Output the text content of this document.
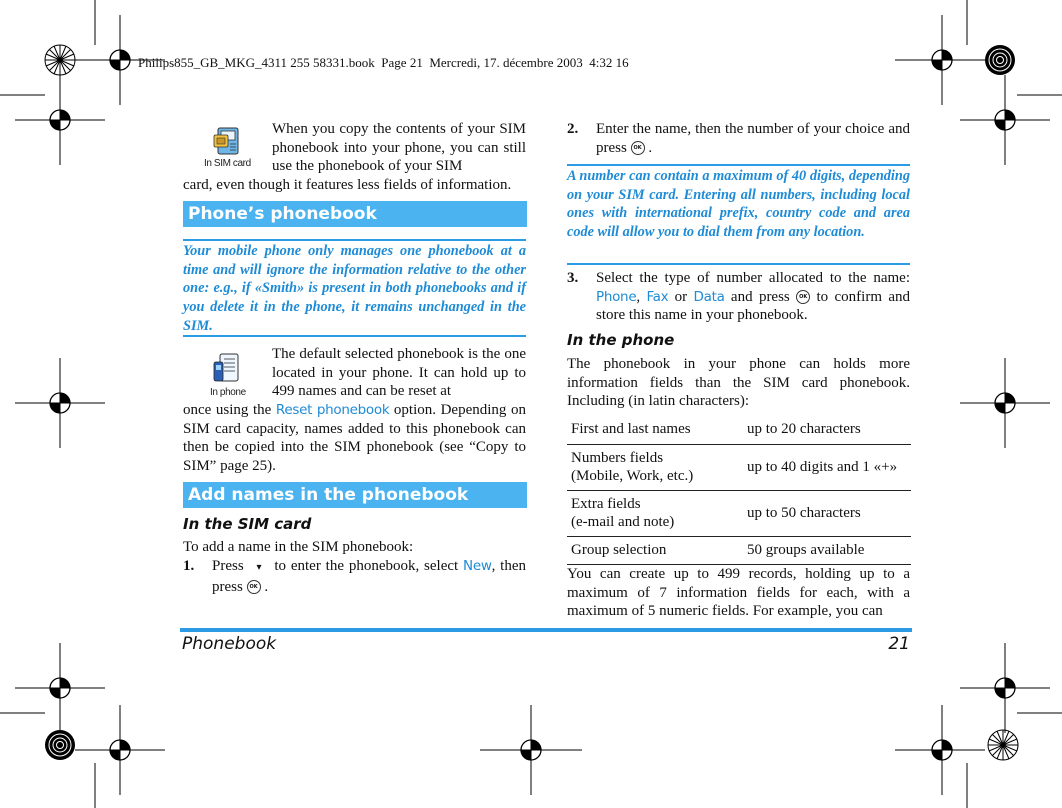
Philips855_GB_MKG_4311 255 58331.book Page 21 Mercredi, 17. décembre 2003 4:32 16
In SIM card
When you copy the contents of your SIM phonebook into your phone, you can still use the phonebook of your SIM
card, even though it features less fields of information.
Phone’s phonebook
Your mobile phone only manages one phonebook at a time and will ignore the information relative to the other one: e.g., if «Smith» is present in both phonebooks and if you delete it in the phone, it remains unchanged in the SIM.
In phone
The default selected phonebook is the one located in your phone. It can hold up to 499 names and can be reset at
once using the Reset phonebook option. Depending on SIM card capacity, names added to this phonebook can then be copied into the SIM phonebook (see “Copy to SIM” page 25).
Add names in the phonebook
In the SIM card
To add a name in the SIM phonebook:
1. Press ▾ to enter the phonebook, select New, then press OK .
2. Enter the name, then the number of your choice and press OK .
A number can contain a maximum of 40 digits, depending on your SIM card. Entering all numbers, including local ones with international prefix, country code and area code will allow you to dial them from any location.
3. Select the type of number allocated to the name: Phone, Fax or Data and press OK to confirm and store this name in your phonebook.
In the phone
The phonebook in your phone can holds more information fields than the SIM card phonebook. Including (in latin characters):
First and last names	up to 20 characters
Numbers fields
(Mobile, Work, etc.)	up to 40 digits and 1 «+»
Extra fields
(e-mail and note)	up to 50 characters
Group selection	50 groups available
You can create up to 499 records, holding up to a maximum of 7 information fields for each, with a maximum of 5 numeric fields. For example, you can
Phonebook	21
